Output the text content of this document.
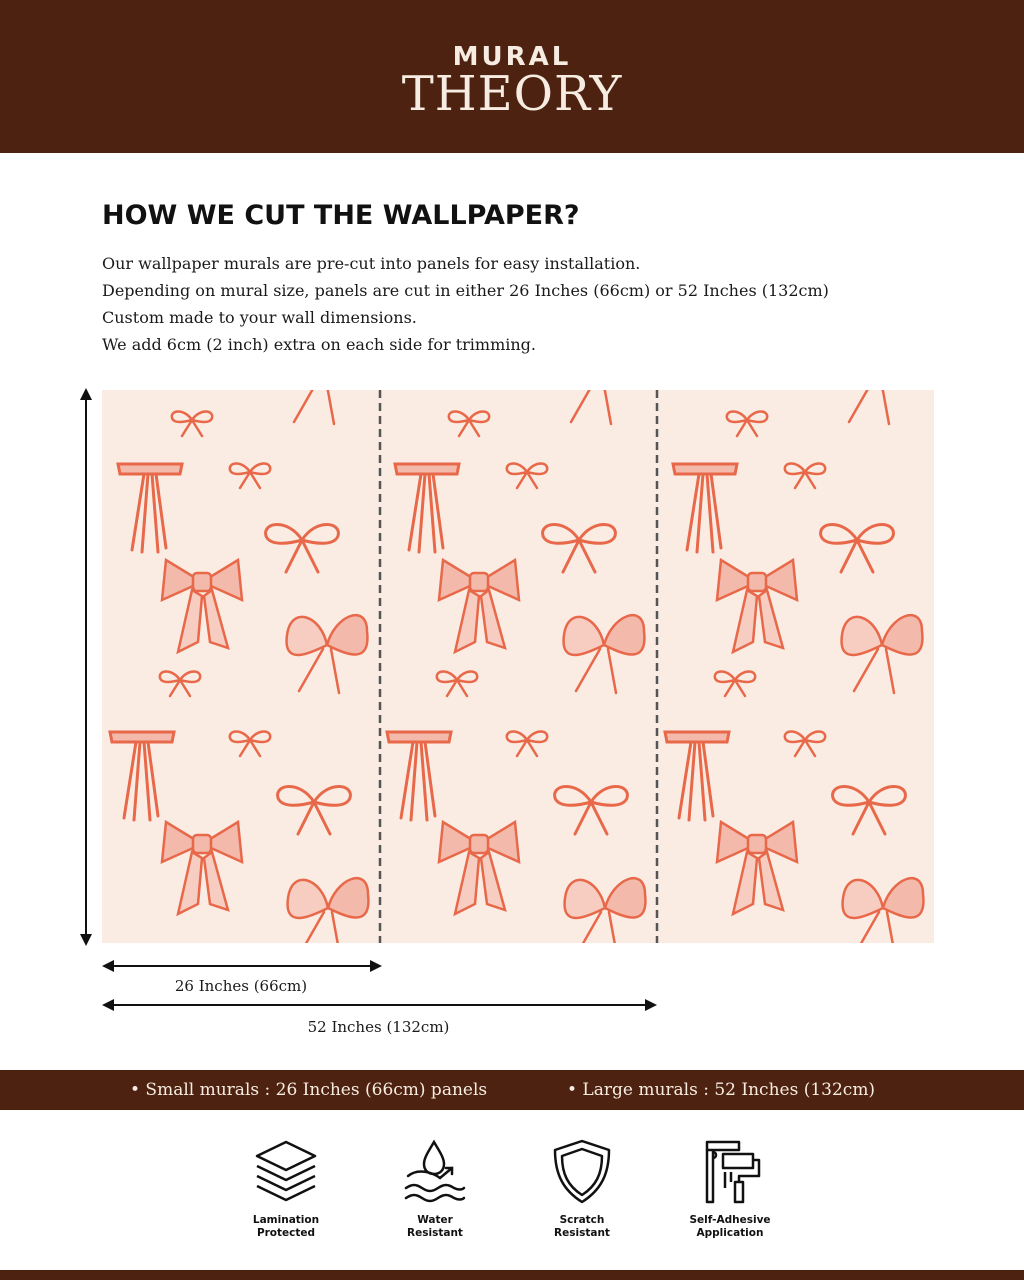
MURAL
THEORY
HOW WE CUT THE WALLPAPER?
Our wallpaper murals are pre-cut into panels for easy installation.
Depending on mural size, panels are cut in either 26 Inches (66cm) or 52 Inches (132cm)
Custom made to your wall dimensions.
We add 6cm (2 inch) extra on each side for trimming.
26 Inches (66cm)
52 Inches (132cm)
• Small murals : 26 Inches (66cm) panels	• Large murals : 52 Inches (132cm)
Lamination
Protected
Water
Resistant
Scratch
Resistant
Self-Adhesive
Application
